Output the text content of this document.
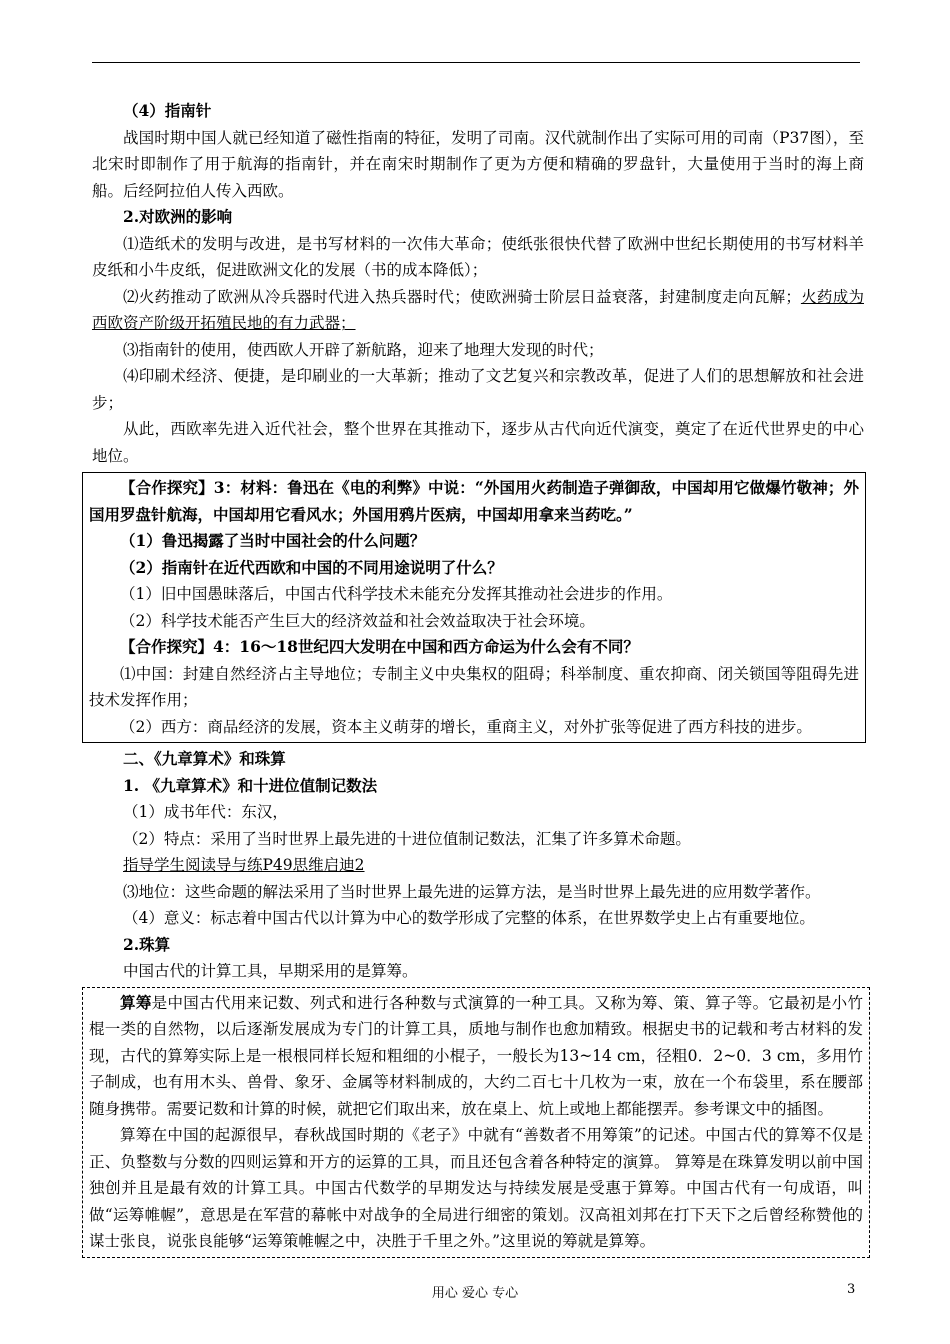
（4）指南针

战国时期中国人就已经知道了磁性指南的特征，发明了司南。汉代就制作出了实际可用的司南（P37图），至北宋时即制作了用于航海的指南针，并在南宋时期制作了更为方便和精确的罗盘针，大量使用于当时的海上商船。后经阿拉伯人传入西欧。

2.对欧洲的影响

⑴造纸术的发明与改进，是书写材料的一次伟大革命；使纸张很快代替了欧洲中世纪长期使用的书写材料羊皮纸和小牛皮纸，促进欧洲文化的发展（书的成本降低）；

⑵火药推动了欧洲从冷兵器时代进入热兵器时代；使欧洲骑士阶层日益衰落，封建制度走向瓦解；火药成为西欧资产阶级开拓殖民地的有力武器；

⑶指南针的使用，使西欧人开辟了新航路，迎来了地理大发现的时代；

⑷印刷术经济、便捷，是印刷业的一大革新；推动了文艺复兴和宗教改革，促进了人们的思想解放和社会进步；

从此，西欧率先进入近代社会，整个世界在其推动下，逐步从古代向近代演变，奠定了在近代世界史的中心地位。

【合作探究】3：材料：鲁迅在《电的利弊》中说：“外国用火药制造子弹御敌，中国却用它做爆竹敬神；外国用罗盘针航海，中国却用它看风水；外国用鸦片医病，中国却用拿来当药吃。”

（1）鲁迅揭露了当时中国社会的什么问题？

（2）指南针在近代西欧和中国的不同用途说明了什么？

（1）旧中国愚昧落后，中国古代科学技术未能充分发挥其推动社会进步的作用。

（2）科学技术能否产生巨大的经济效益和社会效益取决于社会环境。

【合作探究】4：16～18世纪四大发明在中国和西方命运为什么会有不同？

⑴中国：封建自然经济占主导地位；专制主义中央集权的阻碍；科举制度、重农抑商、闭关锁国等阻碍先进技术发挥作用；

（2）西方：商品经济的发展，资本主义萌芽的增长，重商主义，对外扩张等促进了西方科技的进步。

二、《九章算术》和珠算

1. 《九章算术》和十进位值制记数法

（1）成书年代：东汉，

（2）特点：采用了当时世界上最先进的十进位值制记数法，汇集了许多算术命题。

指导学生阅读导与练P49思维启迪2

⑶地位：这些命题的解法采用了当时世界上最先进的运算方法，是当时世界上最先进的应用数学著作。

（4）意义：标志着中国古代以计算为中心的数学形成了完整的体系，在世界数学史上占有重要地位。

2.珠算

中国古代的计算工具，早期采用的是算筹。

算筹是中国古代用来记数、列式和进行各种数与式演算的一种工具。又称为筹、策、算子等。它最初是小竹棍一类的自然物，以后逐渐发展成为专门的计算工具，质地与制作也愈加精致。根据史书的记载和考古材料的发现，古代的算筹实际上是一根根同样长短和粗细的小棍子，一般长为13~14 cm，径粗0．2~0．3 cm，多用竹子制成，也有用木头、兽骨、象牙、金属等材料制成的，大约二百七十几枚为一束，放在一个布袋里，系在腰部随身携带。需要记数和计算的时候，就把它们取出来，放在桌上、炕上或地上都能摆弄。参考课文中的插图。

算筹在中国的起源很早，春秋战国时期的《老子》中就有“善数者不用筹策”的记述。中国古代的算筹不仅是正、负整数与分数的四则运算和开方的运算的工具，而且还包含着各种特定的演算。 算筹是在珠算发明以前中国独创并且是最有效的计算工具。中国古代数学的早期发达与持续发展是受惠于算筹。中国古代有一句成语，叫做“运筹帷幄”，意思是在军营的幕帐中对战争的全局进行细密的策划。汉高祖刘邦在打下天下之后曾经称赞他的谋士张良，说张良能够“运筹策帷幄之中，决胜于千里之外。”这里说的筹就是算筹。

用心 爱心 专心	3
